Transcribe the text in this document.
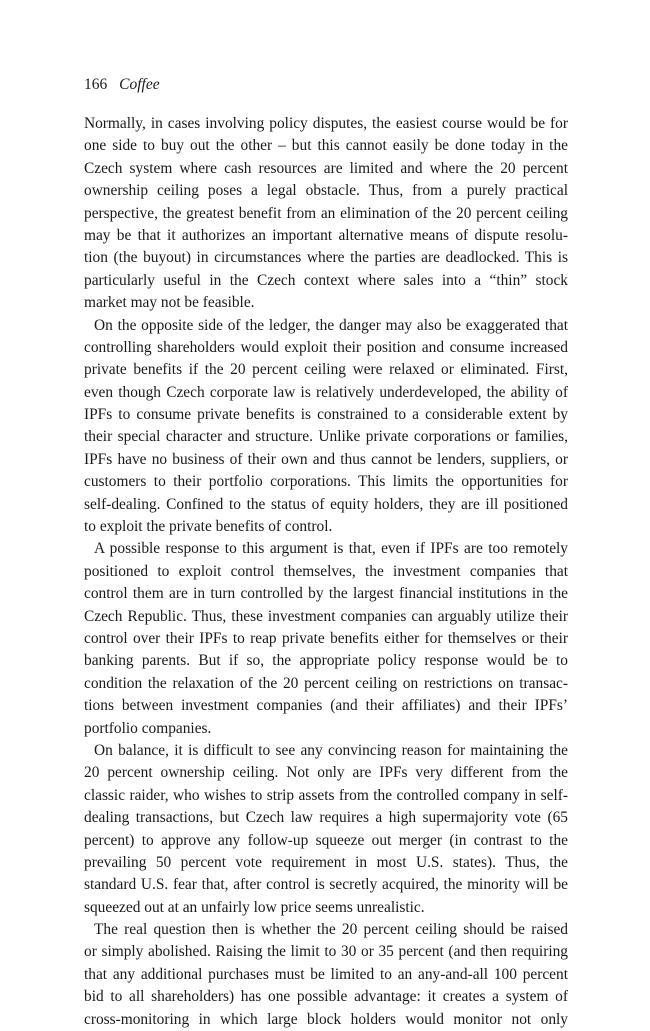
166 Coffee
Normally, in cases involving policy disputes, the easiest course would be for
one side to buy out the other – but this cannot easily be done today in the
Czech system where cash resources are limited and where the 20 percent
ownership ceiling poses a legal obstacle. Thus, from a purely practical
perspective, the greatest benefit from an elimination of the 20 percent ceiling
may be that it authorizes an important alternative means of dispute resolu-
tion (the buyout) in circumstances where the parties are deadlocked. This is
particularly useful in the Czech context where sales into a “thin” stock
market may not be feasible.
On the opposite side of the ledger, the danger may also be exaggerated that
controlling shareholders would exploit their position and consume increased
private benefits if the 20 percent ceiling were relaxed or eliminated. First,
even though Czech corporate law is relatively underdeveloped, the ability of
IPFs to consume private benefits is constrained to a considerable extent by
their special character and structure. Unlike private corporations or families,
IPFs have no business of their own and thus cannot be lenders, suppliers, or
customers to their portfolio corporations. This limits the opportunities for
self-dealing. Confined to the status of equity holders, they are ill positioned
to exploit the private benefits of control.
A possible response to this argument is that, even if IPFs are too remotely
positioned to exploit control themselves, the investment companies that
control them are in turn controlled by the largest financial institutions in the
Czech Republic. Thus, these investment companies can arguably utilize their
control over their IPFs to reap private benefits either for themselves or their
banking parents. But if so, the appropriate policy response would be to
condition the relaxation of the 20 percent ceiling on restrictions on transac-
tions between investment companies (and their affiliates) and their IPFs’
portfolio companies.
On balance, it is difficult to see any convincing reason for maintaining the
20 percent ownership ceiling. Not only are IPFs very different from the
classic raider, who wishes to strip assets from the controlled company in self-
dealing transactions, but Czech law requires a high supermajority vote (65
percent) to approve any follow-up squeeze out merger (in contrast to the
prevailing 50 percent vote requirement in most U.S. states). Thus, the
standard U.S. fear that, after control is secretly acquired, the minority will be
squeezed out at an unfairly low price seems unrealistic.
The real question then is whether the 20 percent ceiling should be raised
or simply abolished. Raising the limit to 30 or 35 percent (and then requiring
that any additional purchases must be limited to an any-and-all 100 percent
bid to all shareholders) has one possible advantage: it creates a system of
cross-monitoring in which large block holders would monitor not only
